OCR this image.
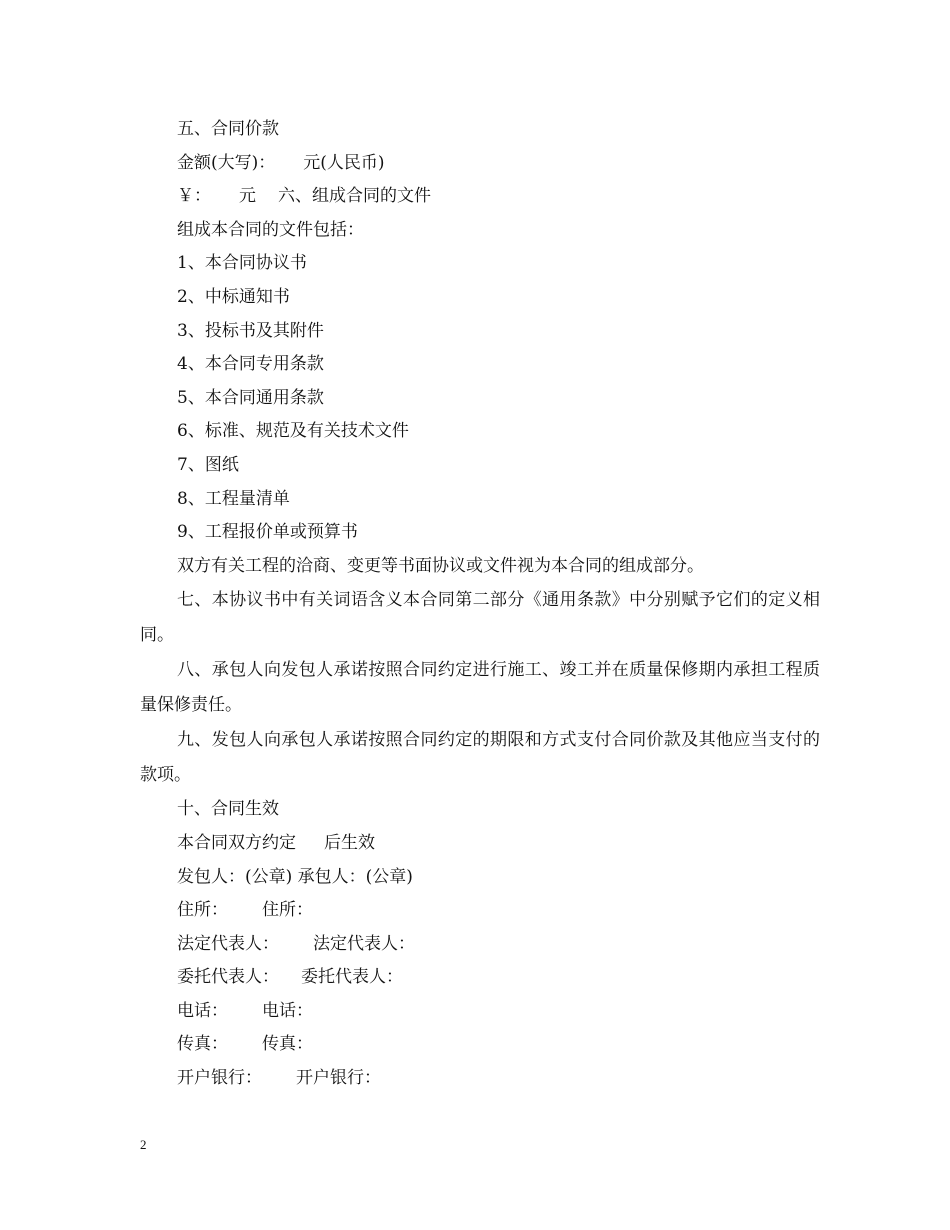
五、合同价款
金额(大写)： 元(人民币)
￥： 元 六、组成合同的文件
组成本合同的文件包括：
1、本合同协议书
2、中标通知书
3、投标书及其附件
4、本合同专用条款
5、本合同通用条款
6、标准、规范及有关技术文件
7、图纸
8、工程量清单
9、工程报价单或预算书
双方有关工程的洽商、变更等书面协议或文件视为本合同的组成部分。
七、本协议书中有关词语含义本合同第二部分《通用条款》中分别赋予它们的定义相同。
八、承包人向发包人承诺按照合同约定进行施工、竣工并在质量保修期内承担工程质量保修责任。
九、发包人向承包人承诺按照合同约定的期限和方式支付合同价款及其他应当支付的款项。
十、合同生效
本合同双方约定 后生效
发包人：(公章) 承包人：(公章)
住所： 住所：
法定代表人： 法定代表人：
委托代表人： 委托代表人：
电话： 电话：
传真： 传真：
开户银行： 开户银行：
2
